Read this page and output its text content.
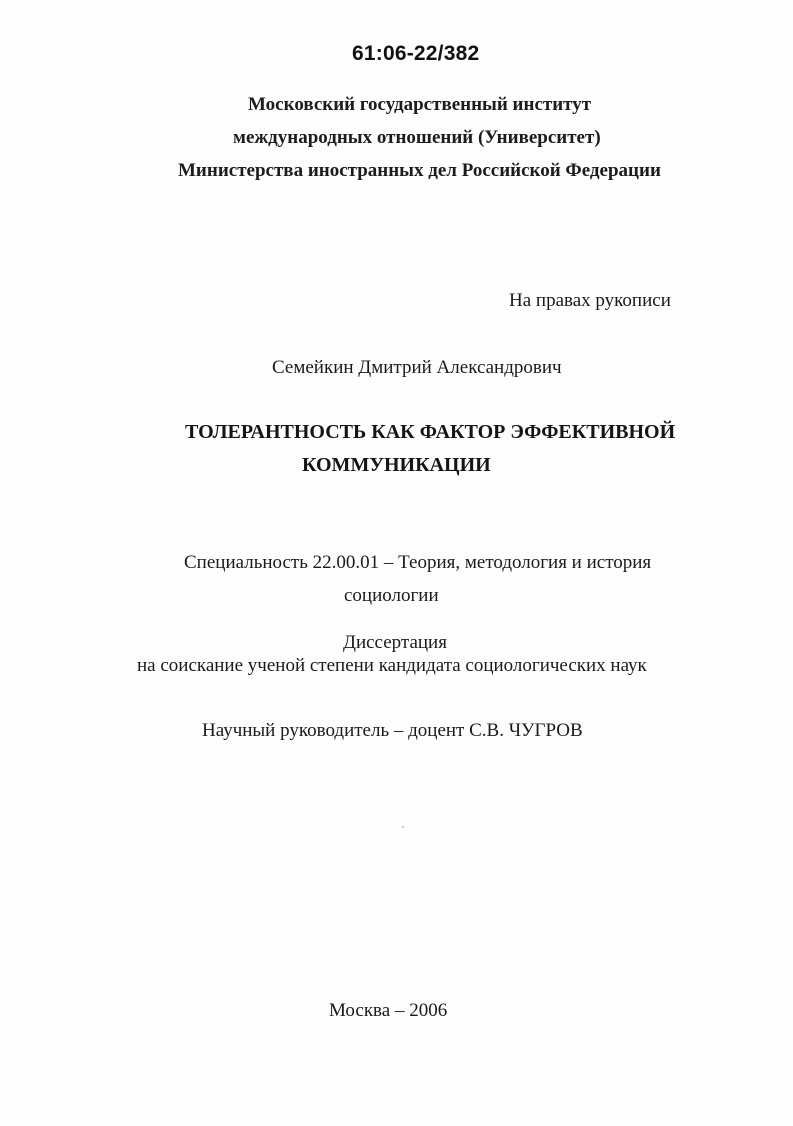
61:06-22/382
Московский государственный институт
международных отношений (Университет)
Министерства иностранных дел Российской Федерации
На правах рукописи
Семейкин Дмитрий Александрович
ТОЛЕРАНТНОСТЬ КАК ФАКТОР ЭФФЕКТИВНОЙ
КОММУНИКАЦИИ
Специальность 22.00.01 – Теория, методология и история
социологии
Диссертация
на соискание ученой степени кандидата социологических наук
Научный руководитель – доцент С.В. ЧУГРОВ
Москва – 2006
